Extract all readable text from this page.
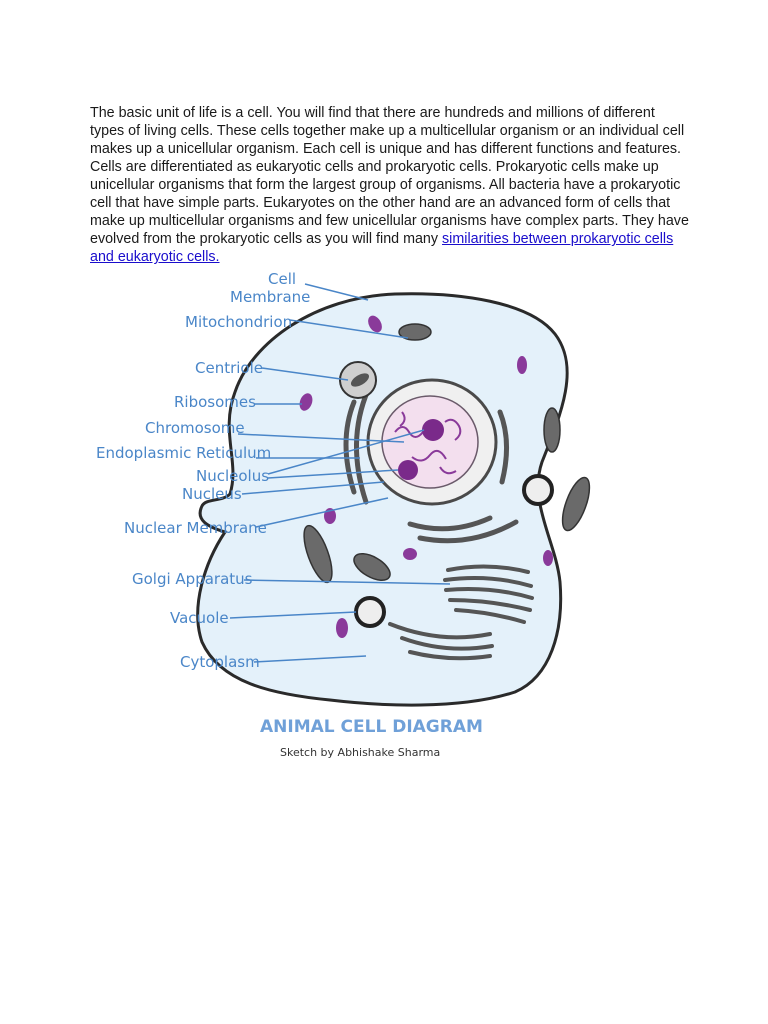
The basic unit of life is a cell. You will find that there are hundreds and millions of different types of living cells. These cells together make up a multicellular organism or an individual cell makes up a unicellular organism. Each cell is unique and has different functions and features. Cells are differentiated as eukaryotic cells and prokaryotic cells. Prokaryotic cells make up unicellular organisms that form the largest group of organisms. All bacteria have a prokaryotic cell that have simple parts. Eukaryotes on the other hand are an advanced form of cells that make up multicellular organisms and few unicellular organisms have complex parts. They have evolved from the prokaryotic cells as you will find many similarities between prokaryotic cells and eukaryotic cells.

Cell
Membrane
Mitochondrion
Centriole
Ribosomes
Chromosome
Endoplasmic Reticulum
Nucleolus
Nucleus
Nuclear Membrane
Golgi Apparatus
Vacuole
Cytoplasm
ANIMAL CELL DIAGRAM
Sketch by Abhishake Sharma
